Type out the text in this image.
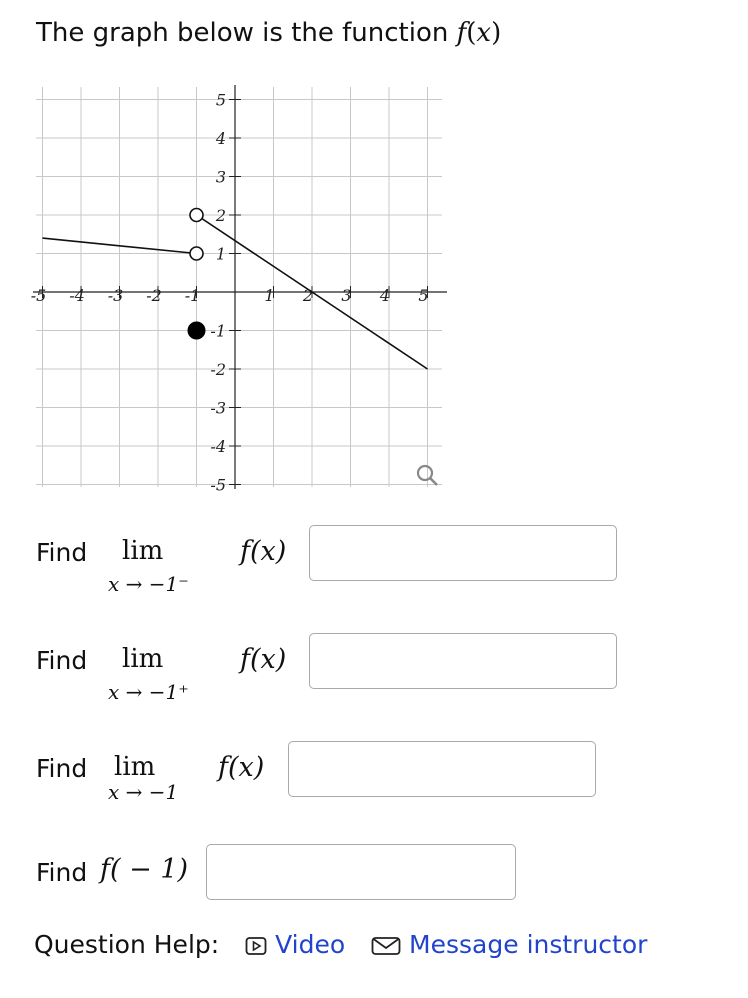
The graph below is the function f(x)
-5 -4 -3 -2 -1	1 2 3 4 5
5
4
3
2
1
-1
-2
-3
-4
-5
Find lim
x → −1⁻
f(x)
Find lim
x → −1⁺
f(x)
Find lim
x → −1
f(x)
Find f( − 1)
Question Help: Video	Message instructor
